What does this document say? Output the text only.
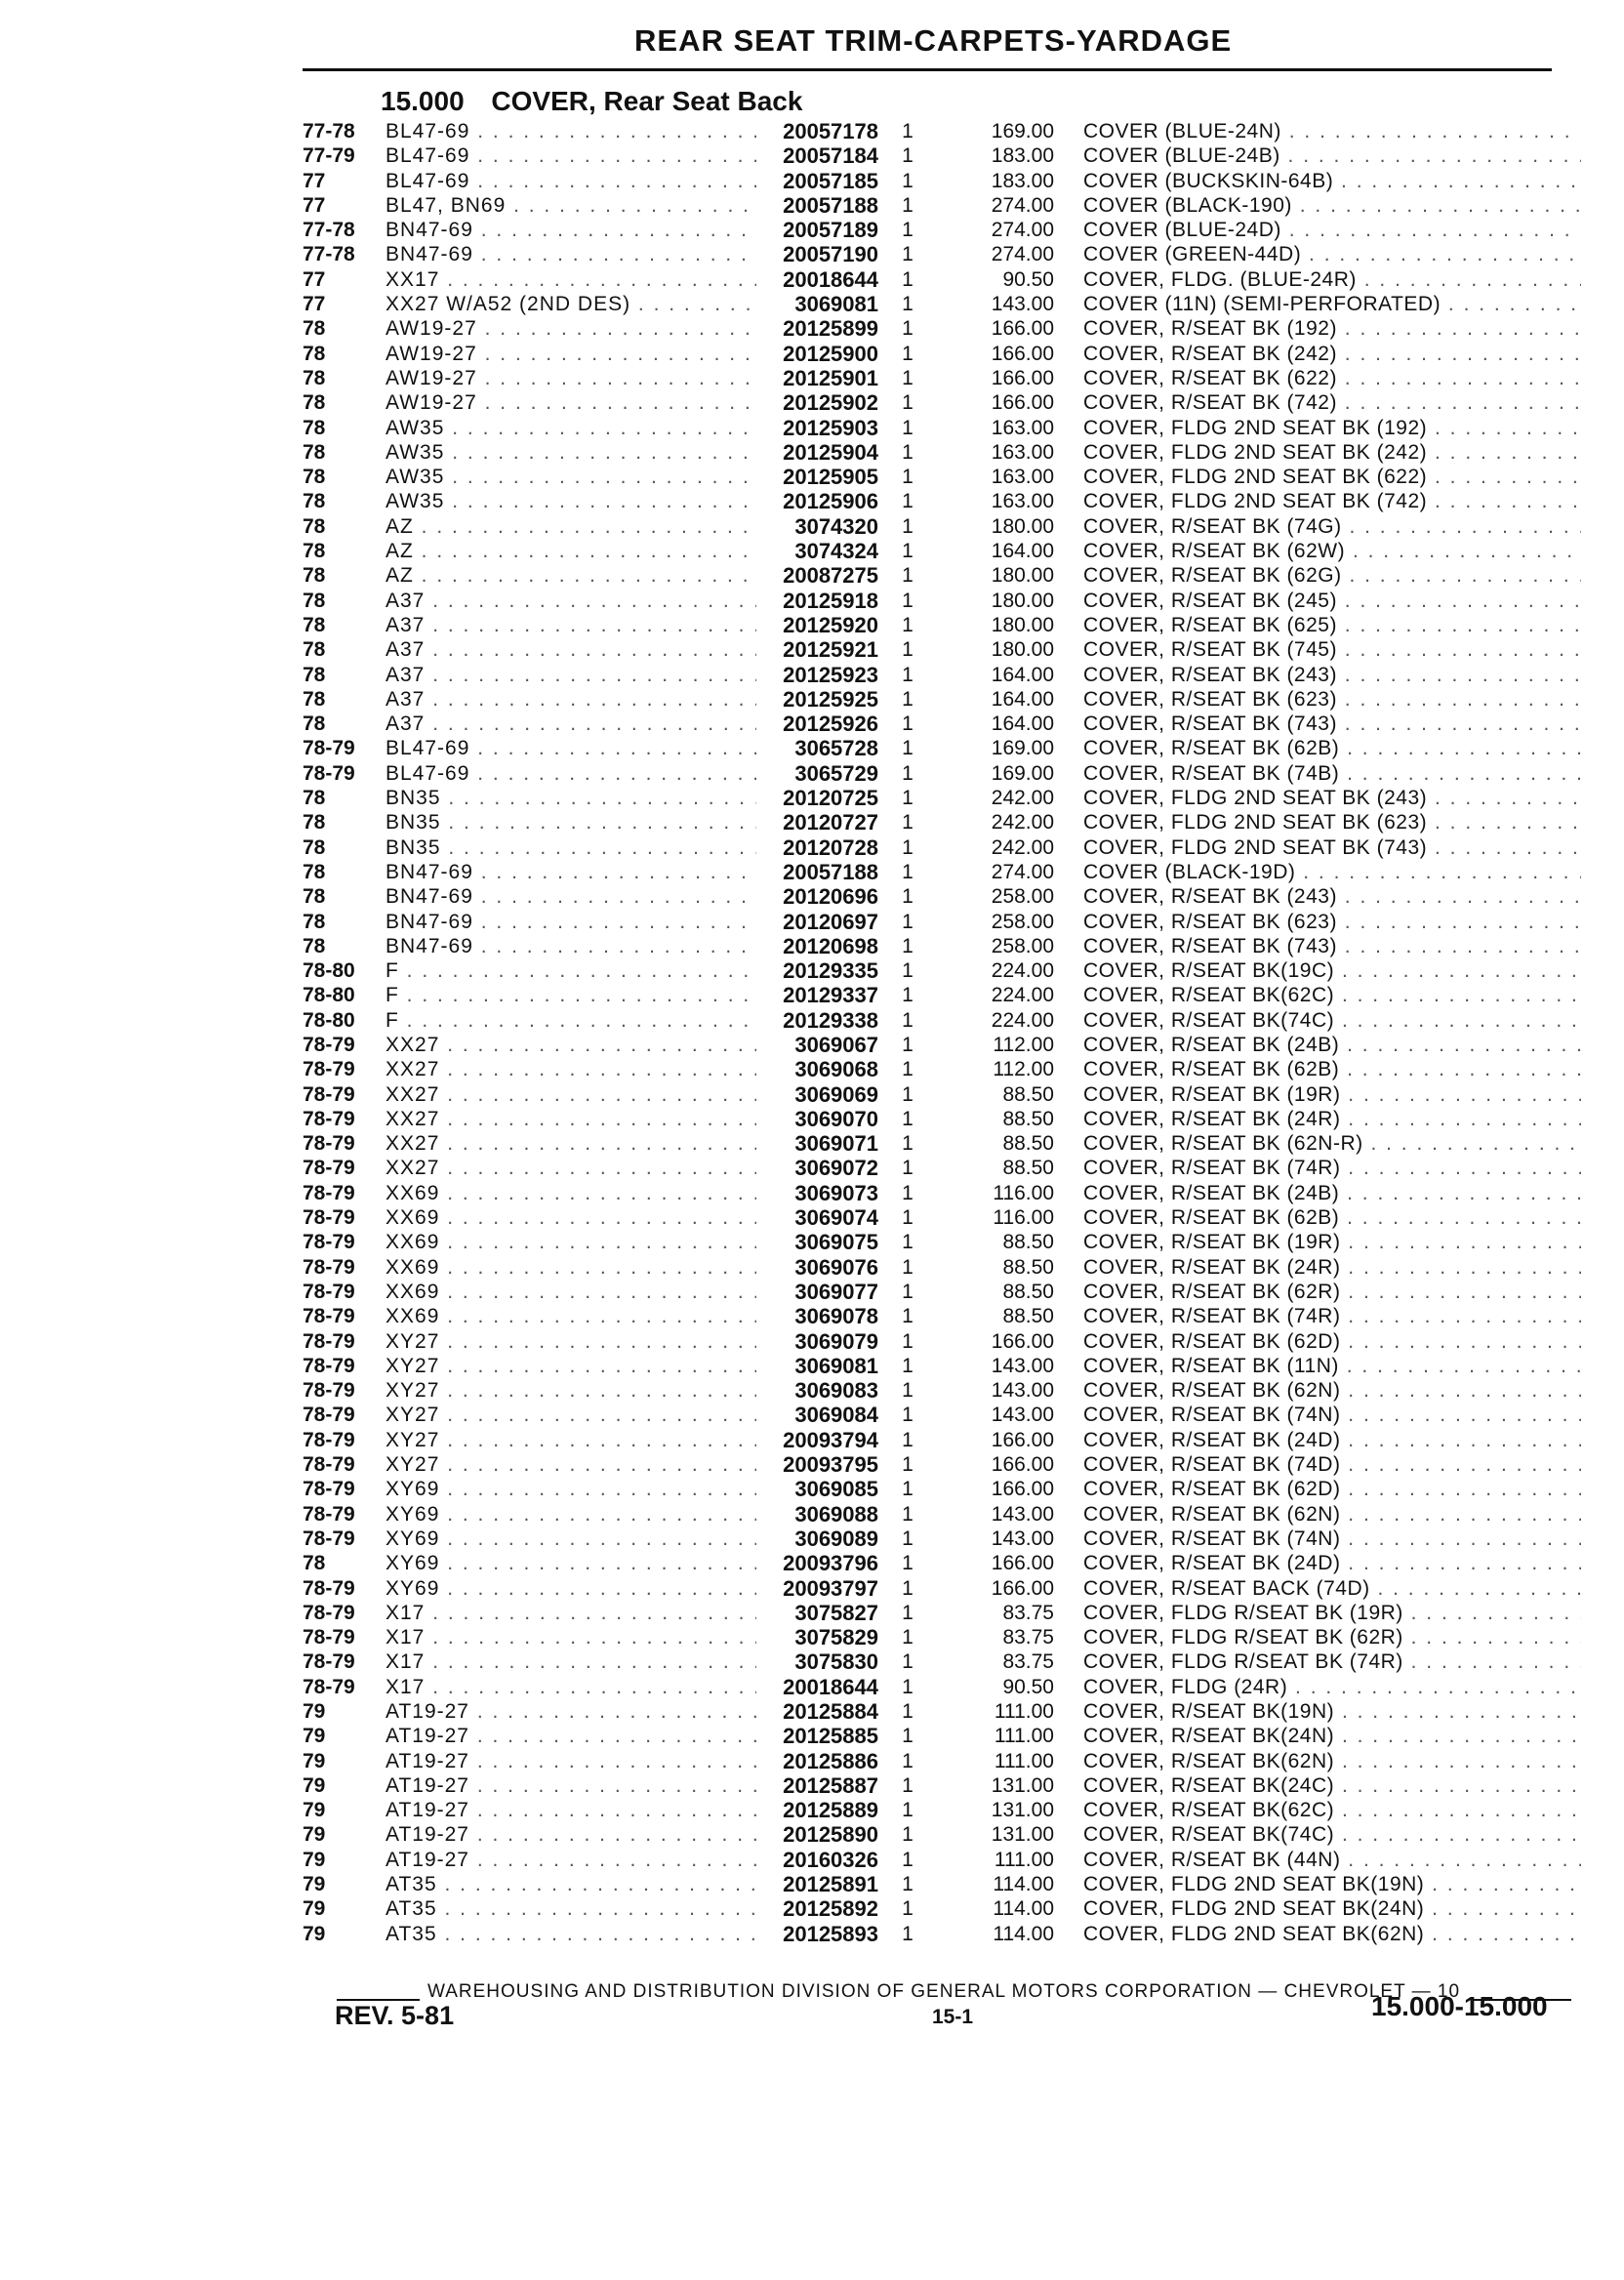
REAR SEAT TRIM-CARPETS-YARDAGE
15.000 COVER, Rear Seat Back
77-78	BL47-69 . . .	20057178 1	169.00 COVER (BLUE-24N) . . .
77-79	BL47-69 . . .	20057184 1	183.00 COVER (BLUE-24B) . . .
77	BL47-69 . . .	20057185 1	183.00 COVER (BUCKSKIN-64B) . . .
77	BL47, BN69 . . .	20057188 1	274.00 COVER (BLACK-190) . . .
77-78	BN47-69 . . .	20057189 1	274.00 COVER (BLUE-24D) . . .
77-78	BN47-69 . . .	20057190 1	274.00 COVER (GREEN-44D) . . .
77	XX17 . . .	20018644 1	90.50 COVER, FLDG. (BLUE-24R) . . .
77	XX27 W/A52 (2ND DES) . . .	3069081 1	143.00 COVER (11N) (SEMI-PERFORATED) . . .
78	AW19-27 . . .	20125899 1	166.00 COVER, R/SEAT BK (192) . . .
78	AW19-27 . . .	20125900 1	166.00 COVER, R/SEAT BK (242) . . .
78	AW19-27 . . .	20125901 1	166.00 COVER, R/SEAT BK (622) . . .
78	AW19-27 . . .	20125902 1	166.00 COVER, R/SEAT BK (742) . . .
78	AW35 . . .	20125903 1	163.00 COVER, FLDG 2ND SEAT BK (192) . . .
78	AW35 . . .	20125904 1	163.00 COVER, FLDG 2ND SEAT BK (242) . . .
78	AW35 . . .	20125905 1	163.00 COVER, FLDG 2ND SEAT BK (622) . . .
78	AW35 . . .	20125906 1	163.00 COVER, FLDG 2ND SEAT BK (742) . . .
78	AZ . . .	3074320 1	180.00 COVER, R/SEAT BK (74G) . . .
78	AZ . . .	3074324 1	164.00 COVER, R/SEAT BK (62W) . . .
78	AZ . . .	20087275 1	180.00 COVER, R/SEAT BK (62G) . . .
78	A37 . . .	20125918 1	180.00 COVER, R/SEAT BK (245) . . .
78	A37 . . .	20125920 1	180.00 COVER, R/SEAT BK (625) . . .
78	A37 . . .	20125921 1	180.00 COVER, R/SEAT BK (745) . . .
78	A37 . . .	20125923 1	164.00 COVER, R/SEAT BK (243) . . .
78	A37 . . .	20125925 1	164.00 COVER, R/SEAT BK (623) . . .
78	A37 . . .	20125926 1	164.00 COVER, R/SEAT BK (743) . . .
78-79	BL47-69 . . .	3065728 1	169.00 COVER, R/SEAT BK (62B) . . .
78-79	BL47-69 . . .	3065729 1	169.00 COVER, R/SEAT BK (74B) . . .
78	BN35 . . .	20120725 1	242.00 COVER, FLDG 2ND SEAT BK (243) . . .
78	BN35 . . .	20120727 1	242.00 COVER, FLDG 2ND SEAT BK (623) . . .
78	BN35 . . .	20120728 1	242.00 COVER, FLDG 2ND SEAT BK (743) . . .
78	BN47-69 . . .	20057188 1	274.00 COVER (BLACK-19D) . . .
78	BN47-69 . . .	20120696 1	258.00 COVER, R/SEAT BK (243) . . .
78	BN47-69 . . .	20120697 1	258.00 COVER, R/SEAT BK (623) . . .
78	BN47-69 . . .	20120698 1	258.00 COVER, R/SEAT BK (743) . . .
78-80	F . . .	20129335 1	224.00 COVER, R/SEAT BK(19C) . . .
78-80	F . . .	20129337 1	224.00 COVER, R/SEAT BK(62C) . . .
78-80	F . . .	20129338 1	224.00 COVER, R/SEAT BK(74C) . . .
78-79	XX27 . . .	3069067 1	112.00 COVER, R/SEAT BK (24B) . . .
78-79	XX27 . . .	3069068 1	112.00 COVER, R/SEAT BK (62B) . . .
78-79	XX27 . . .	3069069 1	88.50 COVER, R/SEAT BK (19R) . . .
78-79	XX27 . . .	3069070 1	88.50 COVER, R/SEAT BK (24R) . . .
78-79	XX27 . . .	3069071 1	88.50 COVER, R/SEAT BK (62N-R) . . .
78-79	XX27 . . .	3069072 1	88.50 COVER, R/SEAT BK (74R) . . .
78-79	XX69 . . .	3069073 1	116.00 COVER, R/SEAT BK (24B) . . .
78-79	XX69 . . .	3069074 1	116.00 COVER, R/SEAT BK (62B) . . .
78-79	XX69 . . .	3069075 1	88.50 COVER, R/SEAT BK (19R) . . .
78-79	XX69 . . .	3069076 1	88.50 COVER, R/SEAT BK (24R) . . .
78-79	XX69 . . .	3069077 1	88.50 COVER, R/SEAT BK (62R) . . .
78-79	XX69 . . .	3069078 1	88.50 COVER, R/SEAT BK (74R) . . .
78-79	XY27 . . .	3069079 1	166.00 COVER, R/SEAT BK (62D) . . .
78-79	XY27 . . .	3069081 1	143.00 COVER, R/SEAT BK (11N) . . .
78-79	XY27 . . .	3069083 1	143.00 COVER, R/SEAT BK (62N) . . .
78-79	XY27 . . .	3069084 1	143.00 COVER, R/SEAT BK (74N) . . .
78-79	XY27 . . .	20093794 1	166.00 COVER, R/SEAT BK (24D) . . .
78-79	XY27 . . .	20093795 1	166.00 COVER, R/SEAT BK (74D) . . .
78-79	XY69 . . .	3069085 1	166.00 COVER, R/SEAT BK (62D) . . .
78-79	XY69 . . .	3069088 1	143.00 COVER, R/SEAT BK (62N) . . .
78-79	XY69 . . .	3069089 1	143.00 COVER, R/SEAT BK (74N) . . .
78	XY69 . . .	20093796 1	166.00 COVER, R/SEAT BK (24D) . . .
78-79	XY69 . . .	20093797 1	166.00 COVER, R/SEAT BACK (74D) . . .
78-79	X17 . . .	3075827 1	83.75 COVER, FLDG R/SEAT BK (19R) . . .
78-79	X17 . . .	3075829 1	83.75 COVER, FLDG R/SEAT BK (62R) . . .
78-79	X17 . . .	3075830 1	83.75 COVER, FLDG R/SEAT BK (74R) . . .
78-79	X17 . . .	20018644 1	90.50 COVER, FLDG (24R) . . .
79	AT19-27 . . .	20125884 1	111.00 COVER, R/SEAT BK(19N) . . .
79	AT19-27 . . .	20125885 1	111.00 COVER, R/SEAT BK(24N) . . .
79	AT19-27 . . .	20125886 1	111.00 COVER, R/SEAT BK(62N) . . .
79	AT19-27 . . .	20125887 1	131.00 COVER, R/SEAT BK(24C) . . .
79	AT19-27 . . .	20125889 1	131.00 COVER, R/SEAT BK(62C) . . .
79	AT19-27 . . .	20125890 1	131.00 COVER, R/SEAT BK(74C) . . .
79	AT19-27 . . .	20160326 1	111.00 COVER, R/SEAT BK (44N) . . .
79	AT35 . . .	20125891 1	114.00 COVER, FLDG 2ND SEAT BK(19N) . . .
79	AT35 . . .	20125892 1	114.00 COVER, FLDG 2ND SEAT BK(24N) . . .
79	AT35 . . .	20125893 1	114.00 COVER, FLDG 2ND SEAT BK(62N) . . .
WAREHOUSING AND DISTRIBUTION DIVISION OF GENERAL MOTORS CORPORATION — CHEVROLET — 10
REV. 5-81	15-1	15.000-15.000
